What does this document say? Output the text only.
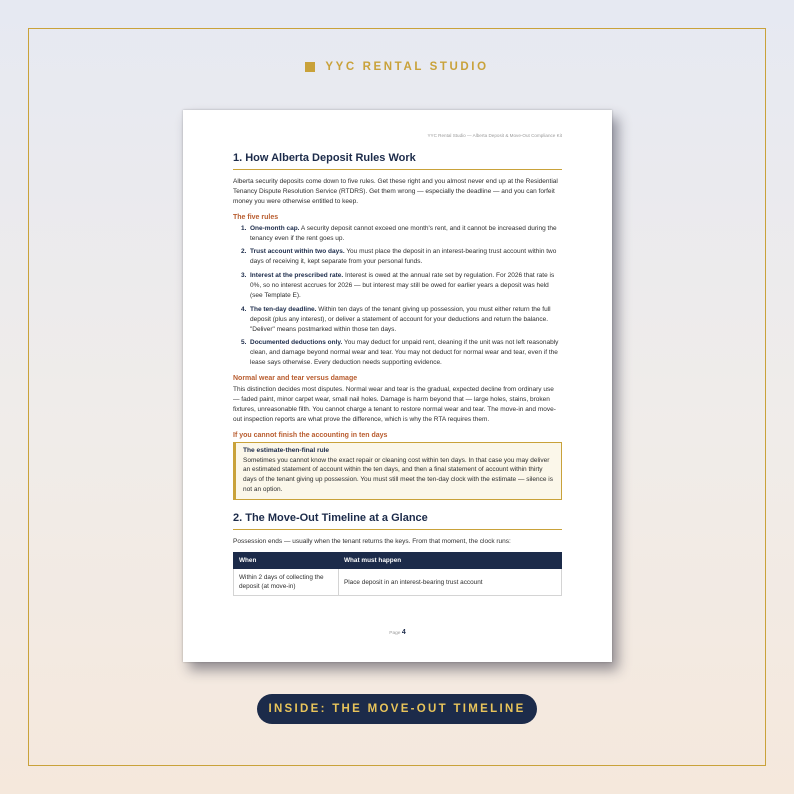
YYC RENTAL STUDIO
YYC Rental Studio — Alberta Deposit & Move-Out Compliance Kit
1. How Alberta Deposit Rules Work

Alberta security deposits come down to five rules. Get these right and you almost never end up at the Residential Tenancy Dispute Resolution Service (RTDRS). Get them wrong — especially the deadline — and you can forfeit money you were otherwise entitled to keep.

The five rules
1. One-month cap. A security deposit cannot exceed one month's rent, and it cannot be increased during the tenancy even if the rent goes up.
2. Trust account within two days. You must place the deposit in an interest-bearing trust account within two days of receiving it, kept separate from your personal funds.
3. Interest at the prescribed rate. Interest is owed at the annual rate set by regulation. For 2026 that rate is 0%, so no interest accrues for 2026 — but interest may still be owed for earlier years a deposit was held (see Template E).
4. The ten-day deadline. Within ten days of the tenant giving up possession, you must either return the full deposit (plus any interest), or deliver a statement of account for your deductions and return the balance. "Deliver" means postmarked within those ten days.
5. Documented deductions only. You may deduct for unpaid rent, cleaning if the unit was not left reasonably clean, and damage beyond normal wear and tear. You may not deduct for normal wear and tear, even if the lease says otherwise. Every deduction needs supporting evidence.
Normal wear and tear versus damage

This distinction decides most disputes. Normal wear and tear is the gradual, expected decline from ordinary use — faded paint, minor carpet wear, small nail holes. Damage is harm beyond that — large holes, stains, broken fixtures, unreasonable filth. You cannot charge a tenant to restore normal wear and tear. The move-in and move-out inspection reports are what prove the difference, which is why the RTA requires them.

If you cannot finish the accounting in ten days
The estimate-then-final rule

Sometimes you cannot know the exact repair or cleaning cost within ten days. In that case you may deliver an estimated statement of account within the ten days, and then a final statement of account within thirty days of the tenant giving up possession. You must still meet the ten-day clock with the estimate — silence is not an option.

2. The Move-Out Timeline at a Glance

Possession ends — usually when the tenant returns the keys. From that moment, the clock runs:

When	What must happen
Within 2 days of collecting the deposit (at move-in)	Place deposit in an interest-bearing trust account
Page 4
INSIDE: THE MOVE-OUT TIMELINE
